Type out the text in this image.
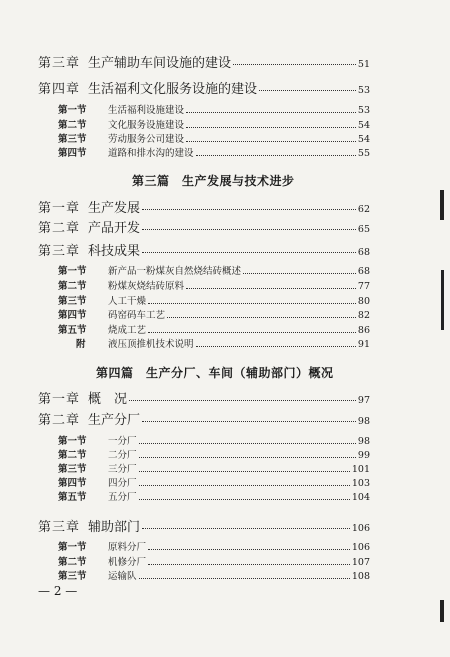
第三章 生产辅助车间设施的建设	51
第四章 生活福利文化服务设施的建设	53
第一节	生活福利设施建设	53
第二节	文化服务设施建设	54
第三节	劳动服务公司建设	54
第四节	道路和排水沟的建设	55
第三篇　生产发展与技术进步
第一章 生产发展	62
第二章 产品开发	65
第三章 科技成果	68
第一节	新产品一粉煤灰自然烧结砖概述	68
第二节	粉煤灰烧结砖原料	77
第三节	人工干燥	80
第四节	码窑码车工艺	82
第五节	烧成工艺	86
附	液压顶推机技术说明	91
第四篇　生产分厂、车间（辅助部门）概况
第一章 概　况	97
第二章 生产分厂	98
第一节	一分厂	98
第二节	二分厂	99
第三节	三分厂	101
第四节	四分厂	103
第五节	五分厂	104
第三章 辅助部门	106
第一节	原料分厂	106
第二节	机修分厂	107
第三节	运输队	108
— 2 —
